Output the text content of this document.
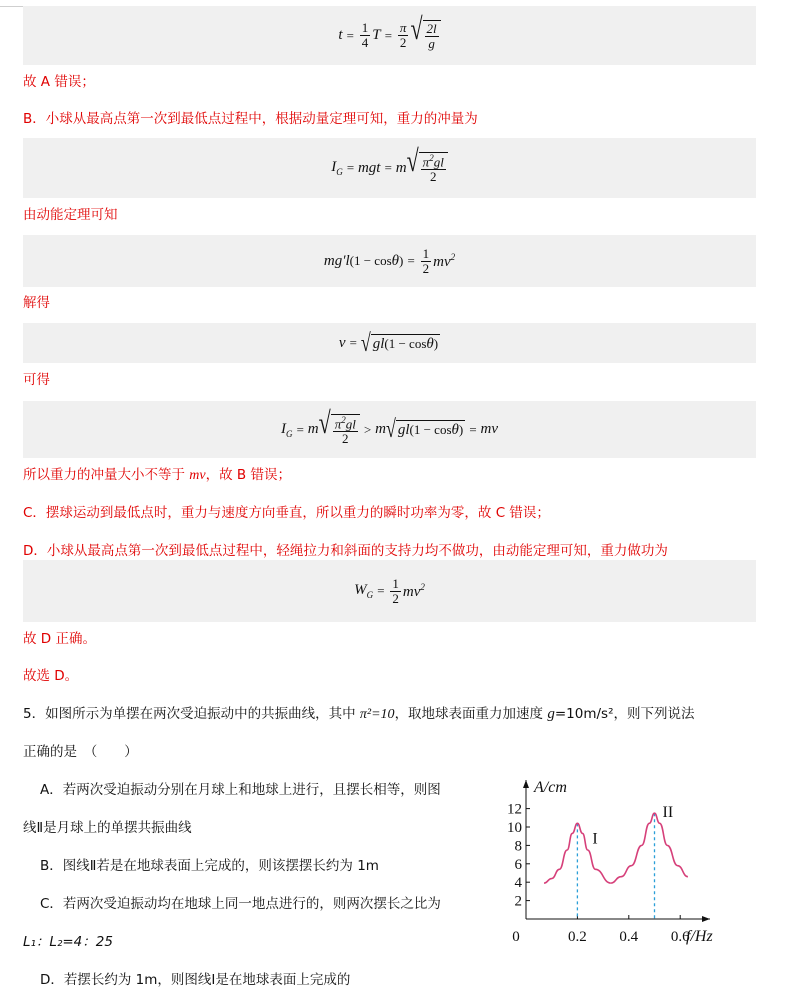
$t = \frac{1}{4}$ $T = \frac{\pi}{2}$ √ $\frac{2l}{g}$
故 A 错误；
B．小球从最高点第一次到最低点过程中，根据动量定理可知，重力的冲量为
$I_G$ = mgt = m √ $\frac{\pi^2gl}{2}$
由动能定理可知
mg′l (1 − cos θ ) = $\frac{1}{2} mv^2$
解得
v = √ gl(1 − cosθ)
可得
$I_G = m$ √ $\frac{\pi^2gl}{2} > m$ √ gl(1 − cosθ) = mv
所以重力的冲量大小不等于 mv，故 B 错误；
C．摆球运动到最低点时，重力与速度方向垂直，所以重力的瞬时功率为零，故 C 错误；
D．小球从最高点第一次到最低点过程中，轻绳拉力和斜面的支持力均不做功，由动能定理可知，重力做功为
$W_G = \frac{1}{2} mv^2$
故 D 正确。
故选 D。
5．如图所示为单摆在两次受迫振动中的共振曲线，其中 π²=10，取地球表面重力加速度 g=10m/s²，则下列说法
正确的是　（　　）
A．若两次受迫振动分别在月球上和地球上进行，且摆长相等，则图
线Ⅱ是月球上的单摆共振曲线
B．图线Ⅱ若是在地球表面上完成的，则该摆摆长约为 1m
C．若两次受迫振动均在地球上同一地点进行的，则两次摆长之比为
L₁：L₂=4：25
D．若摆长约为 1m，则图线Ⅰ是在地球表面上完成的
2
4
6
8
10
12
0	0.2 0.4 0.6
A/cm
f/Hz
I
II
